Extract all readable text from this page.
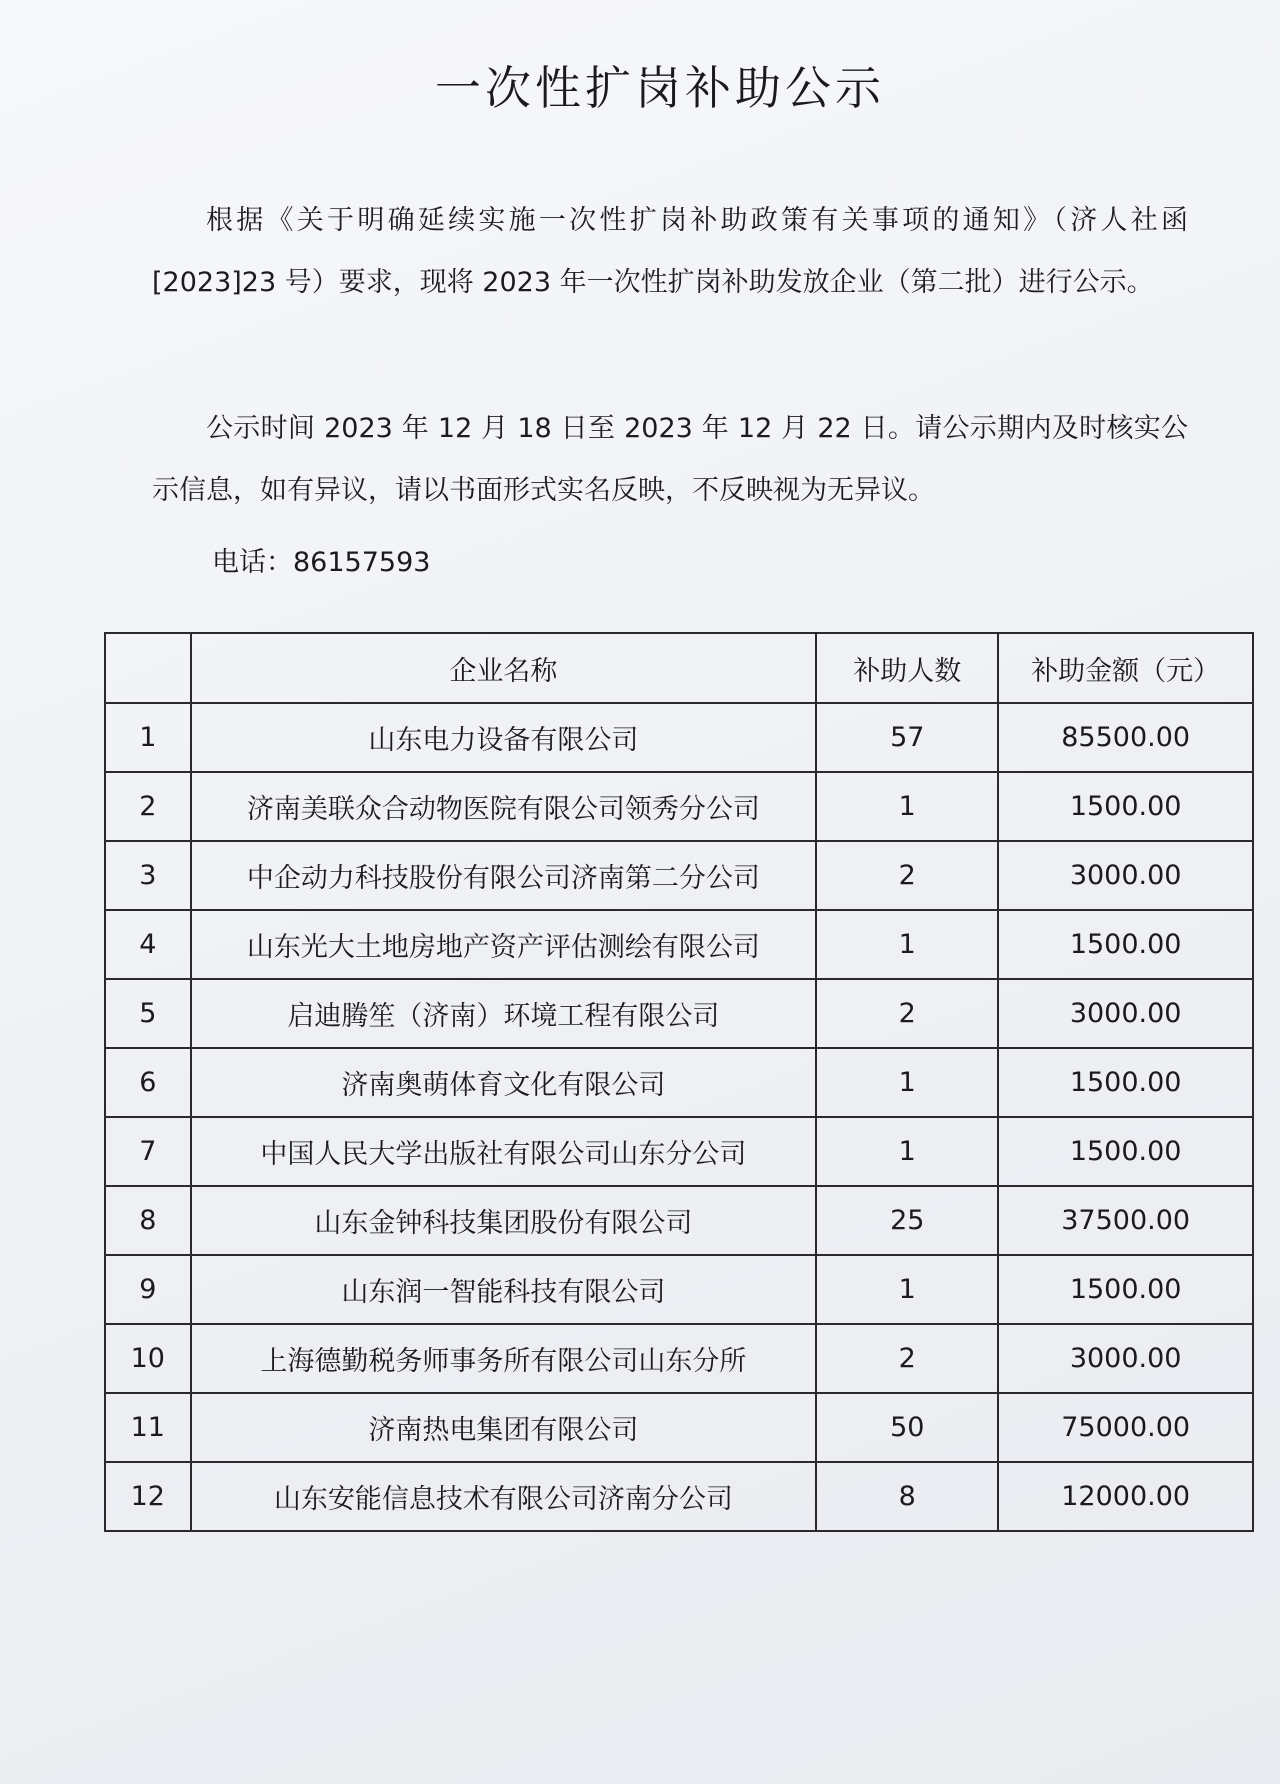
一次性扩岗补助公示

根据《关于明确延续实施一次性扩岗补助政策有关事项的通知》（济人社函[2023]23 号）要求，现将 2023 年一次性扩岗补助发放企业（第二批）进行公示。

公示时间 2023 年 12 月 18 日至 2023 年 12 月 22 日。请公示期内及时核实公示信息，如有异议，请以书面形式实名反映，不反映视为无异议。

电话：86157593
	企业名称	补助人数	补助金额（元）
1	山东电力设备有限公司	57	85500.00
2	济南美联众合动物医院有限公司领秀分公司	1	1500.00
3	中企动力科技股份有限公司济南第二分公司	2	3000.00
4	山东光大土地房地产资产评估测绘有限公司	1	1500.00
5	启迪腾笙（济南）环境工程有限公司	2	3000.00
6	济南奥萌体育文化有限公司	1	1500.00
7	中国人民大学出版社有限公司山东分公司	1	1500.00
8	山东金钟科技集团股份有限公司	25	37500.00
9	山东润一智能科技有限公司	1	1500.00
10	上海德勤税务师事务所有限公司山东分所	2	3000.00
11	济南热电集团有限公司	50	75000.00
12	山东安能信息技术有限公司济南分公司	8	12000.00
